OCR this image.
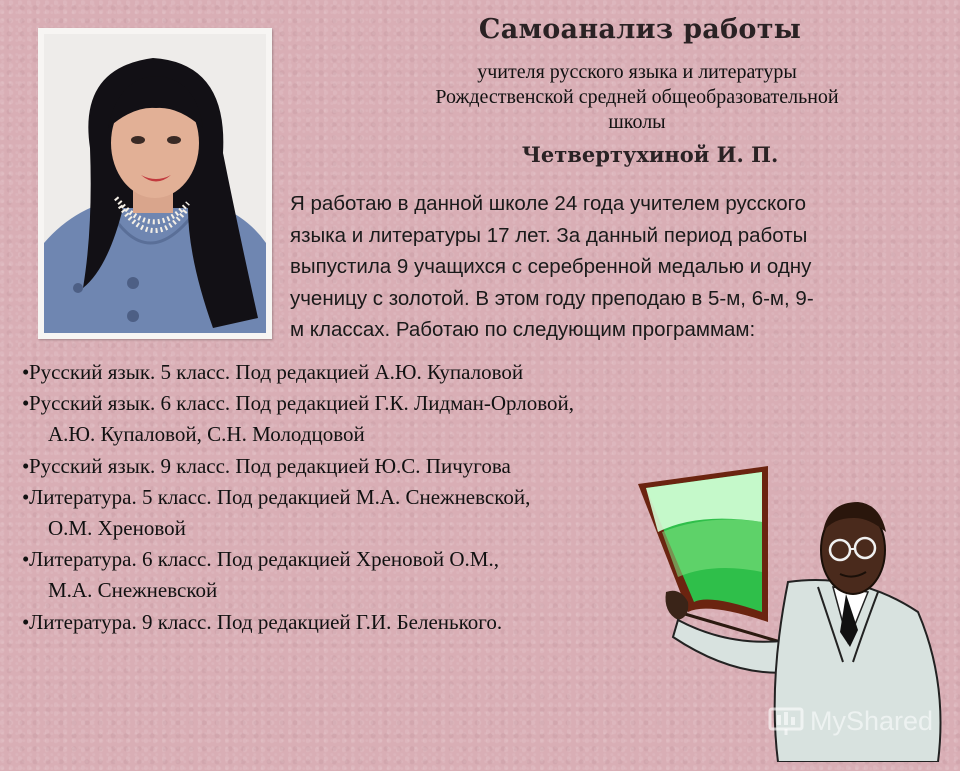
Самоанализ работы
учителя русского языка и литературы
Рождественской средней общеобразовательной
школы
Четвертухиной И. П.
Я работаю в данной школе 24 года учителем русского
языка и литературы 17 лет. За данный период работы
выпустила 9 учащихся с серебренной медалью и одну
ученицу с золотой. В этом году преподаю в 5-м, 6-м, 9-
м классах. Работаю по следующим программам:
•Русский язык. 5 класс. Под редакцией А.Ю. Купаловой
•Русский язык. 6 класс. Под редакцией Г.К. Лидман-Орловой,
А.Ю. Купаловой, С.Н. Молодцовой
•Русский язык. 9 класс. Под редакцией Ю.С. Пичугова
•Литература. 5 класс. Под редакцией М.А. Снежневской,
О.М. Хреновой
•Литература. 6 класс. Под редакцией Хреновой О.М.,
М.А. Снежневской
•Литература. 9 класс. Под редакцией Г.И. Беленького.
MyShared
